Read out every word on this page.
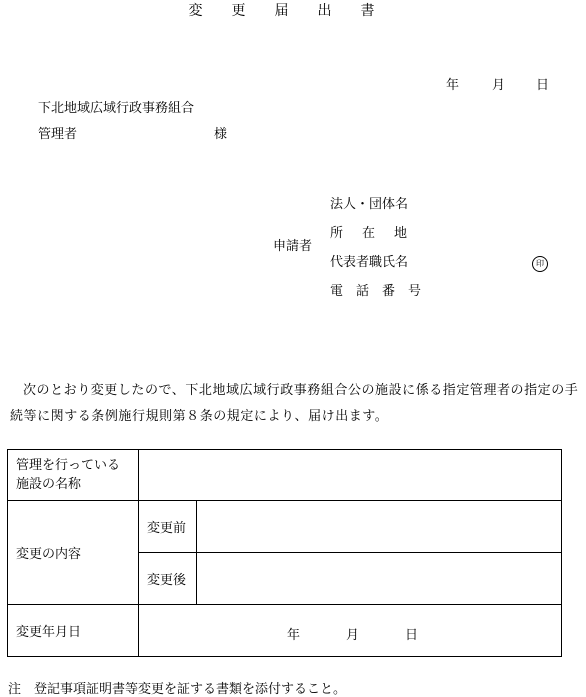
変更届出書
年	月 日
下北地域広域行政事務組合
管理者	様
申請者
法人・団体名
所　在　地
代表者職氏名
電　話　番　号
印
次のとおり変更したので、下北地域広域行政事務組合公の施設に係る指定管理者の指定の手続等に関する条例施行規則第８条の規定により、届け出ます。
管理を行っている
施設の名称		
変更の内容	変更前	
	変更後	
変更年月日	年 月 日	
注　登記事項証明書等変更を証する書類を添付すること。
